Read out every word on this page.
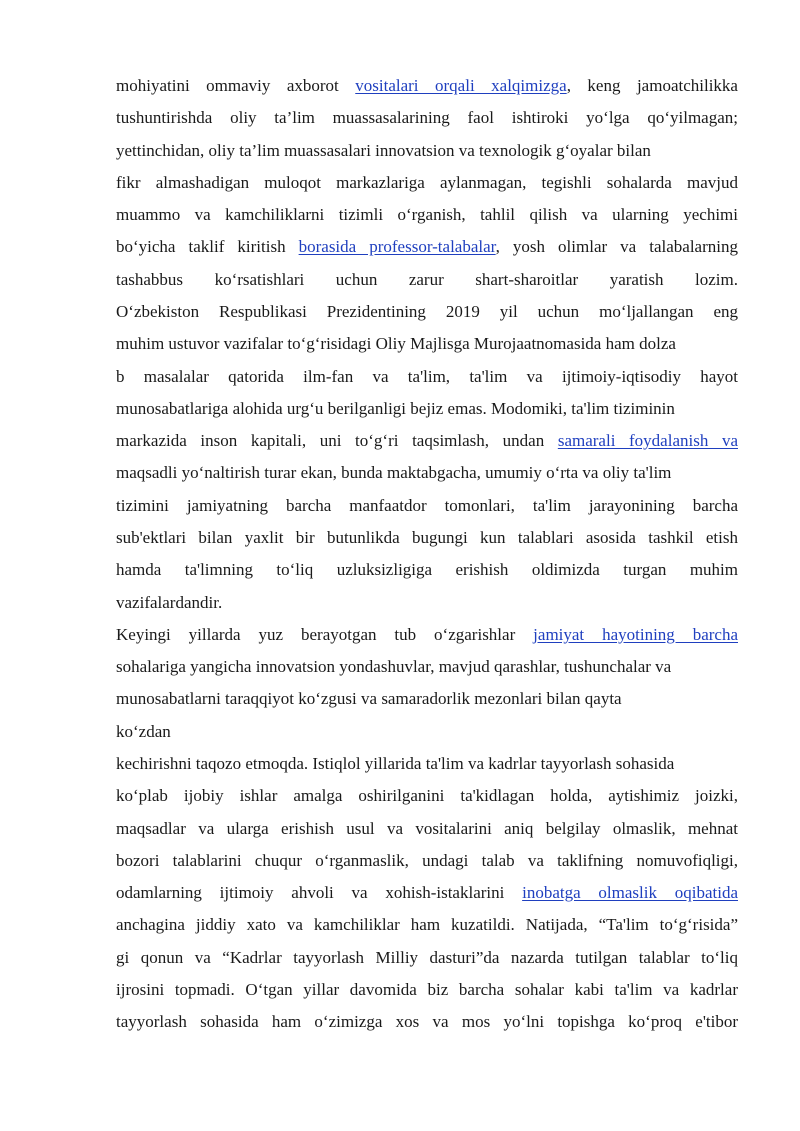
mohiyatini ommaviy axborot vositalari orqali xalqimizga, keng jamoatchilikka
tushuntirishda oliy ta’lim muassasalarining faol ishtiroki yo‘lga qo‘yilmagan;
yettinchidan, oliy ta’lim muassasalari innovatsion va texnologik g‘oyalar bilan
fikr almashadigan muloqot markazlariga aylanmagan, tegishli sohalarda mavjud
muammo va kamchiliklarni tizimli o‘rganish, tahlil qilish va ularning yechimi
bo‘yicha taklif kiritish borasida professor-talabalar, yosh olimlar va talabalarning
tashabbus ko‘rsatishlari uchun zarur shart-sharoitlar yaratish lozim.
O‘zbekiston Respublikasi Prezidentining 2019 yil uchun mo‘ljallangan eng
muhim ustuvor vazifalar to‘g‘risidagi Oliy Majlisga Murojaatnomasida ham dolza
b masalalar qatorida ilm-fan va ta'lim, ta'lim va ijtimoiy-iqtisodiy hayot
munosabatlariga alohida urg‘u berilganligi bejiz emas. Modomiki, ta'lim tiziminin
markazida inson kapitali, uni to‘g‘ri taqsimlash, undan samarali foydalanish va
maqsadli yo‘naltirish turar ekan, bunda maktabgacha, umumiy o‘rta va oliy ta'lim
tizimini jamiyatning barcha manfaatdor tomonlari, ta'lim jarayonining barcha
sub'ektlari bilan yaxlit bir butunlikda bugungi kun talablari asosida tashkil etish
hamda ta'limning to‘liq uzluksizligiga erishish oldimizda turgan muhim
vazifalardandir.
Keyingi yillarda yuz berayotgan tub o‘zgarishlar jamiyat hayotining barcha
sohalariga yangicha innovatsion yondashuvlar, mavjud qarashlar, tushunchalar va
munosabatlarni taraqqiyot ko‘zgusi va samaradorlik mezonlari bilan qayta
ko‘zdan
kechirishni taqozo etmoqda. Istiqlol yillarida ta'lim va kadrlar tayyorlash sohasida
ko‘plab ijobiy ishlar amalga oshirilganini ta'kidlagan holda, aytishimiz joizki,
maqsadlar va ularga erishish usul va vositalarini aniq belgilay olmaslik, mehnat
bozori talablarini chuqur o‘rganmaslik, undagi talab va taklifning nomuvofiqligi,
odamlarning ijtimoiy ahvoli va xohish-istaklarini inobatga olmaslik oqibatida
anchagina jiddiy xato va kamchiliklar ham kuzatildi. Natijada, “Ta'lim to‘g‘risida”
gi qonun va “Kadrlar tayyorlash Milliy dasturi”da nazarda tutilgan talablar to‘liq
ijrosini topmadi. O‘tgan yillar davomida biz barcha sohalar kabi ta'lim va kadrlar
tayyorlash sohasida ham o‘zimizga xos va mos yo‘lni topishga ko‘proq e'tibor
